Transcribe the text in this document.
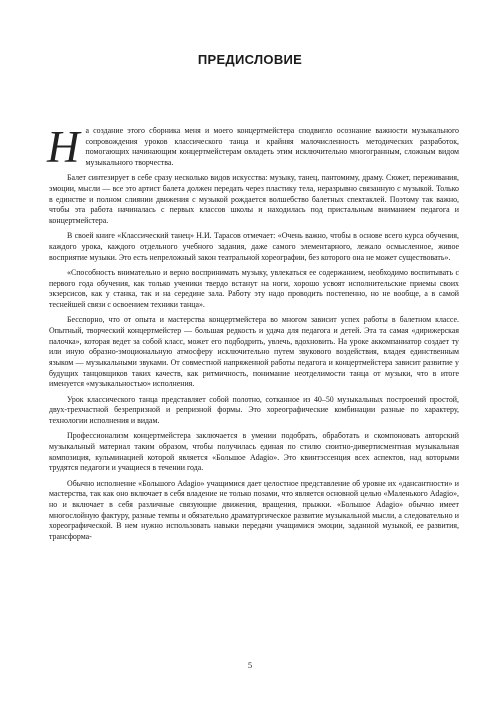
ПРЕДИСЛОВИЕ

На создание этого сборника меня и моего концертмейстера сподвигло осознание важности музыкального сопровождения уроков классического танца и крайняя малочисленность методических разработок, помогающих начинающим концертмейстерам овладеть этим исключительно многогранным, сложным видом музыкального творчества.

Балет синтезирует в себе сразу несколько видов искусства: музыку, танец, пантомиму, драму. Сюжет, переживания, эмоции, мысли — все это артист балета должен передать через пластику тела, неразрывно связанную с музыкой. Только в единстве и полном слиянии движения с музыкой рождается волшебство балетных спектаклей. Поэтому так важно, чтобы эта работа начиналась с первых классов школы и находилась под пристальным вниманием педагога и концертмейстера.

В своей книге «Классический танец» Н.И. Тарасов отмечает: «Очень важно, чтобы в основе всего курса обучения, каждого урока, каждого отдельного учебного задания, даже самого элементарного, лежало осмысленное, живое восприятие музыки. Это есть непреложный закон театральной хореографии, без которого она не может существовать».

«Способность внимательно и верно воспринимать музыку, увлекаться ее содержанием, необходимо воспитывать с первого года обучения, как только ученики твердо встанут на ноги, хорошо усвоят исполнительские приемы своих экзерсисов, как у станка, так и на середине зала. Работу эту надо проводить постепенно, но не вообще, а в самой теснейшей связи с освоением техники танца».

Бесспорно, что от опыта и мастерства концертмейстера во многом зависит успех работы в балетном классе. Опытный, творческий концертмейстер — большая редкость и удача для педагога и детей. Эта та самая «дирижерская палочка», которая ведет за собой класс, может его подбодрить, увлечь, вдохновить. На уроке аккомпаниатор создает ту или иную образно-эмоциональную атмосферу исключительно путем звукового воздействия, владея единственным языком — музыкальными звуками. От совместной напряженной работы педагога и концертмейстера зависит развитие у будущих танцовщиков таких качеств, как ритмичность, понимание неотделимости танца от музыки, что в итоге именуется «музыкальностью» исполнения.

Урок классического танца представляет собой полотно, сотканное из 40–50 музыкальных построений простой, двух-трехчастной безрепризной и репризной формы. Это хореографические комбинации разные по характеру, технологии исполнения и видам.

Профессионализм концертмейстера заключается в умении подобрать, обработать и скомпоновать авторский музыкальный материал таким образом, чтобы получилась единая по стилю сюитно-дивертисментная музыкальная композиция, кульминацией которой является «Большое Adagio». Это квинтэссенция всех аспектов, над которыми трудятся педагоги и учащиеся в течении года.

Обычно исполнение «Большого Adagio» учащимися дает целостное представление об уровне их «дансантности» и мастерства, так как оно включает в себя владение не только позами, что является основной целью «Маленького Adagio», но и включает в себя различные связующие движения, вращения, прыжки. «Большое Adagio» обычно имеет многослойную фактуру, разные темпы и обязательно драматургическое развитие музыкальной мысли, а следовательно и хореографической. В нем нужно использовать навыки передачи учащимися эмоции, заданной музыкой, ее развития, трансформа-

5
